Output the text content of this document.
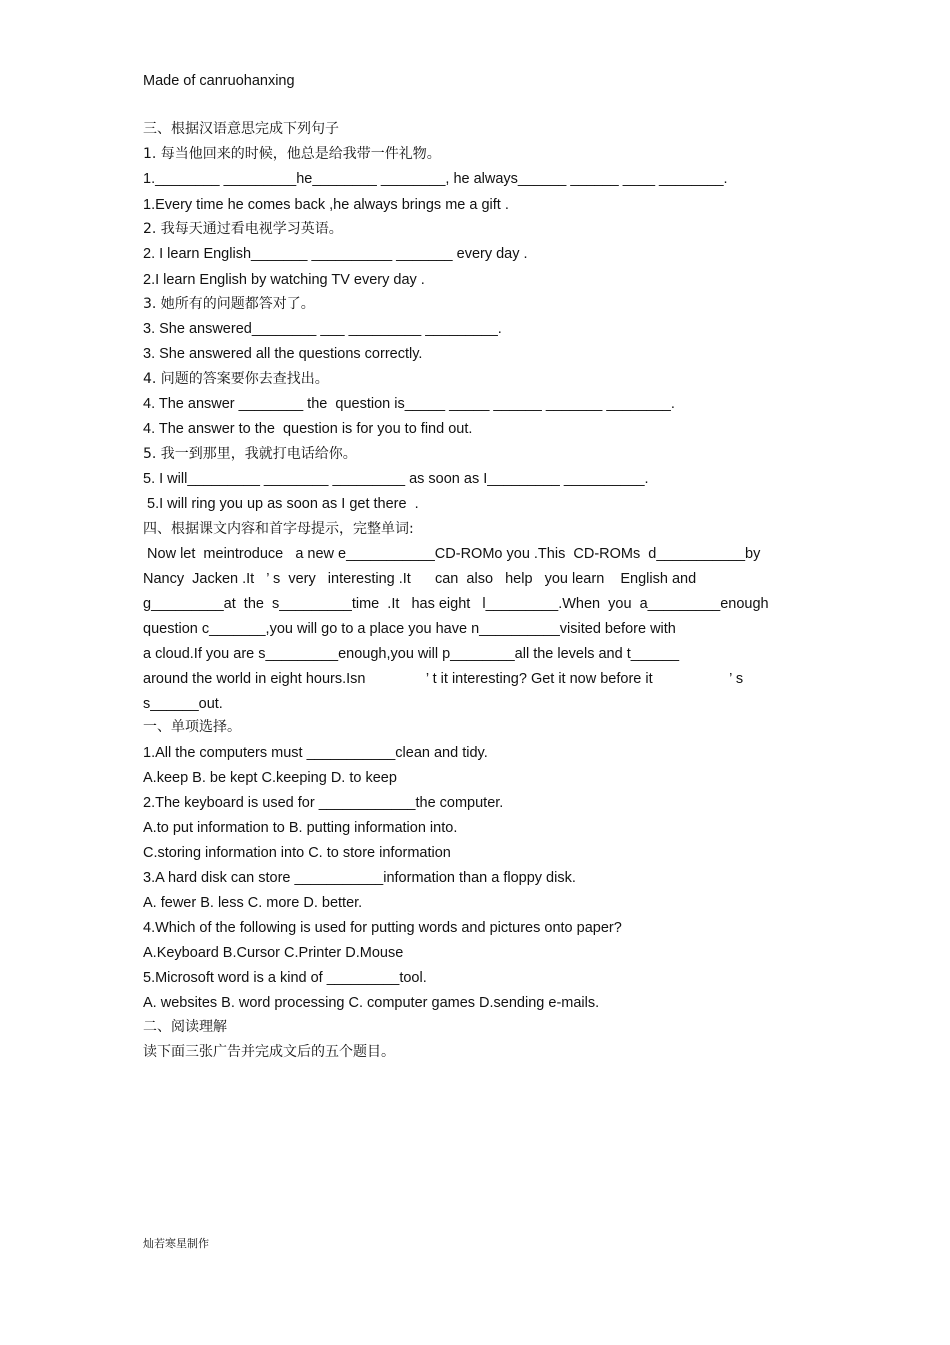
Made of canruohanxing
三、根据汉语意思完成下列句子
1. 每当他回来的时候，他总是给我带一件礼物。
1.________ _________he________ ________, he always______ ______ ____ ________.
1.Every time he comes back ,he always brings me a gift .
2. 我每天通过看电视学习英语。
2. I learn English_______ __________ _______ every day .
2.I learn English by watching TV every day .
3. 她所有的问题都答对了。
3. She answered________ ___ _________ _________.
3. She answered all the questions correctly.
4. 问题的答案要你去查找出。
4. The answer ________ the  question is_____ _____ ______ _______ ________.
4. The answer to the  question is for you to find out.
5. 我一到那里，我就打电话给你。
5. I will_________ ________ _________ as soon as I_________ __________.
5.I will ring you up as soon as I get there  .
四、根据课文内容和首字母提示，完整单词:
Now let  meintroduce   a new e___________CD-ROMo you .This  CD-ROMs  d___________by
Nancy  Jacken .It   ’ s  very   interesting .It      can  also   help   you learn    English and
g_________at  the  s_________time  .It   has eight   l_________.When  you  a_________enough
question c_______,you will go to a place you have n__________visited before with
a cloud.If you are s_________enough,you will p________all the levels and t______
around the world in eight hours.Isn               ’ t it interesting? Get it now before it                   ’ s
s______out.
一、单项选择。
1.All the computers must ___________clean and tidy.
A.keep B. be kept C.keeping D. to keep
2.The keyboard is used for ____________the computer.
A.to put information to B. putting information into.
C.storing information into C. to store information
3.A hard disk can store ___________information than a floppy disk.
A. fewer B. less C. more D. better.
4.Which of the following is used for putting words and pictures onto paper?
A.Keyboard B.Cursor C.Printer D.Mouse
5.Microsoft word is a kind of _________tool.
A. websites B. word processing C. computer games D.sending e-mails.
二、阅读理解
读下面三张广告并完成文后的五个题目。
灿若寒星制作
